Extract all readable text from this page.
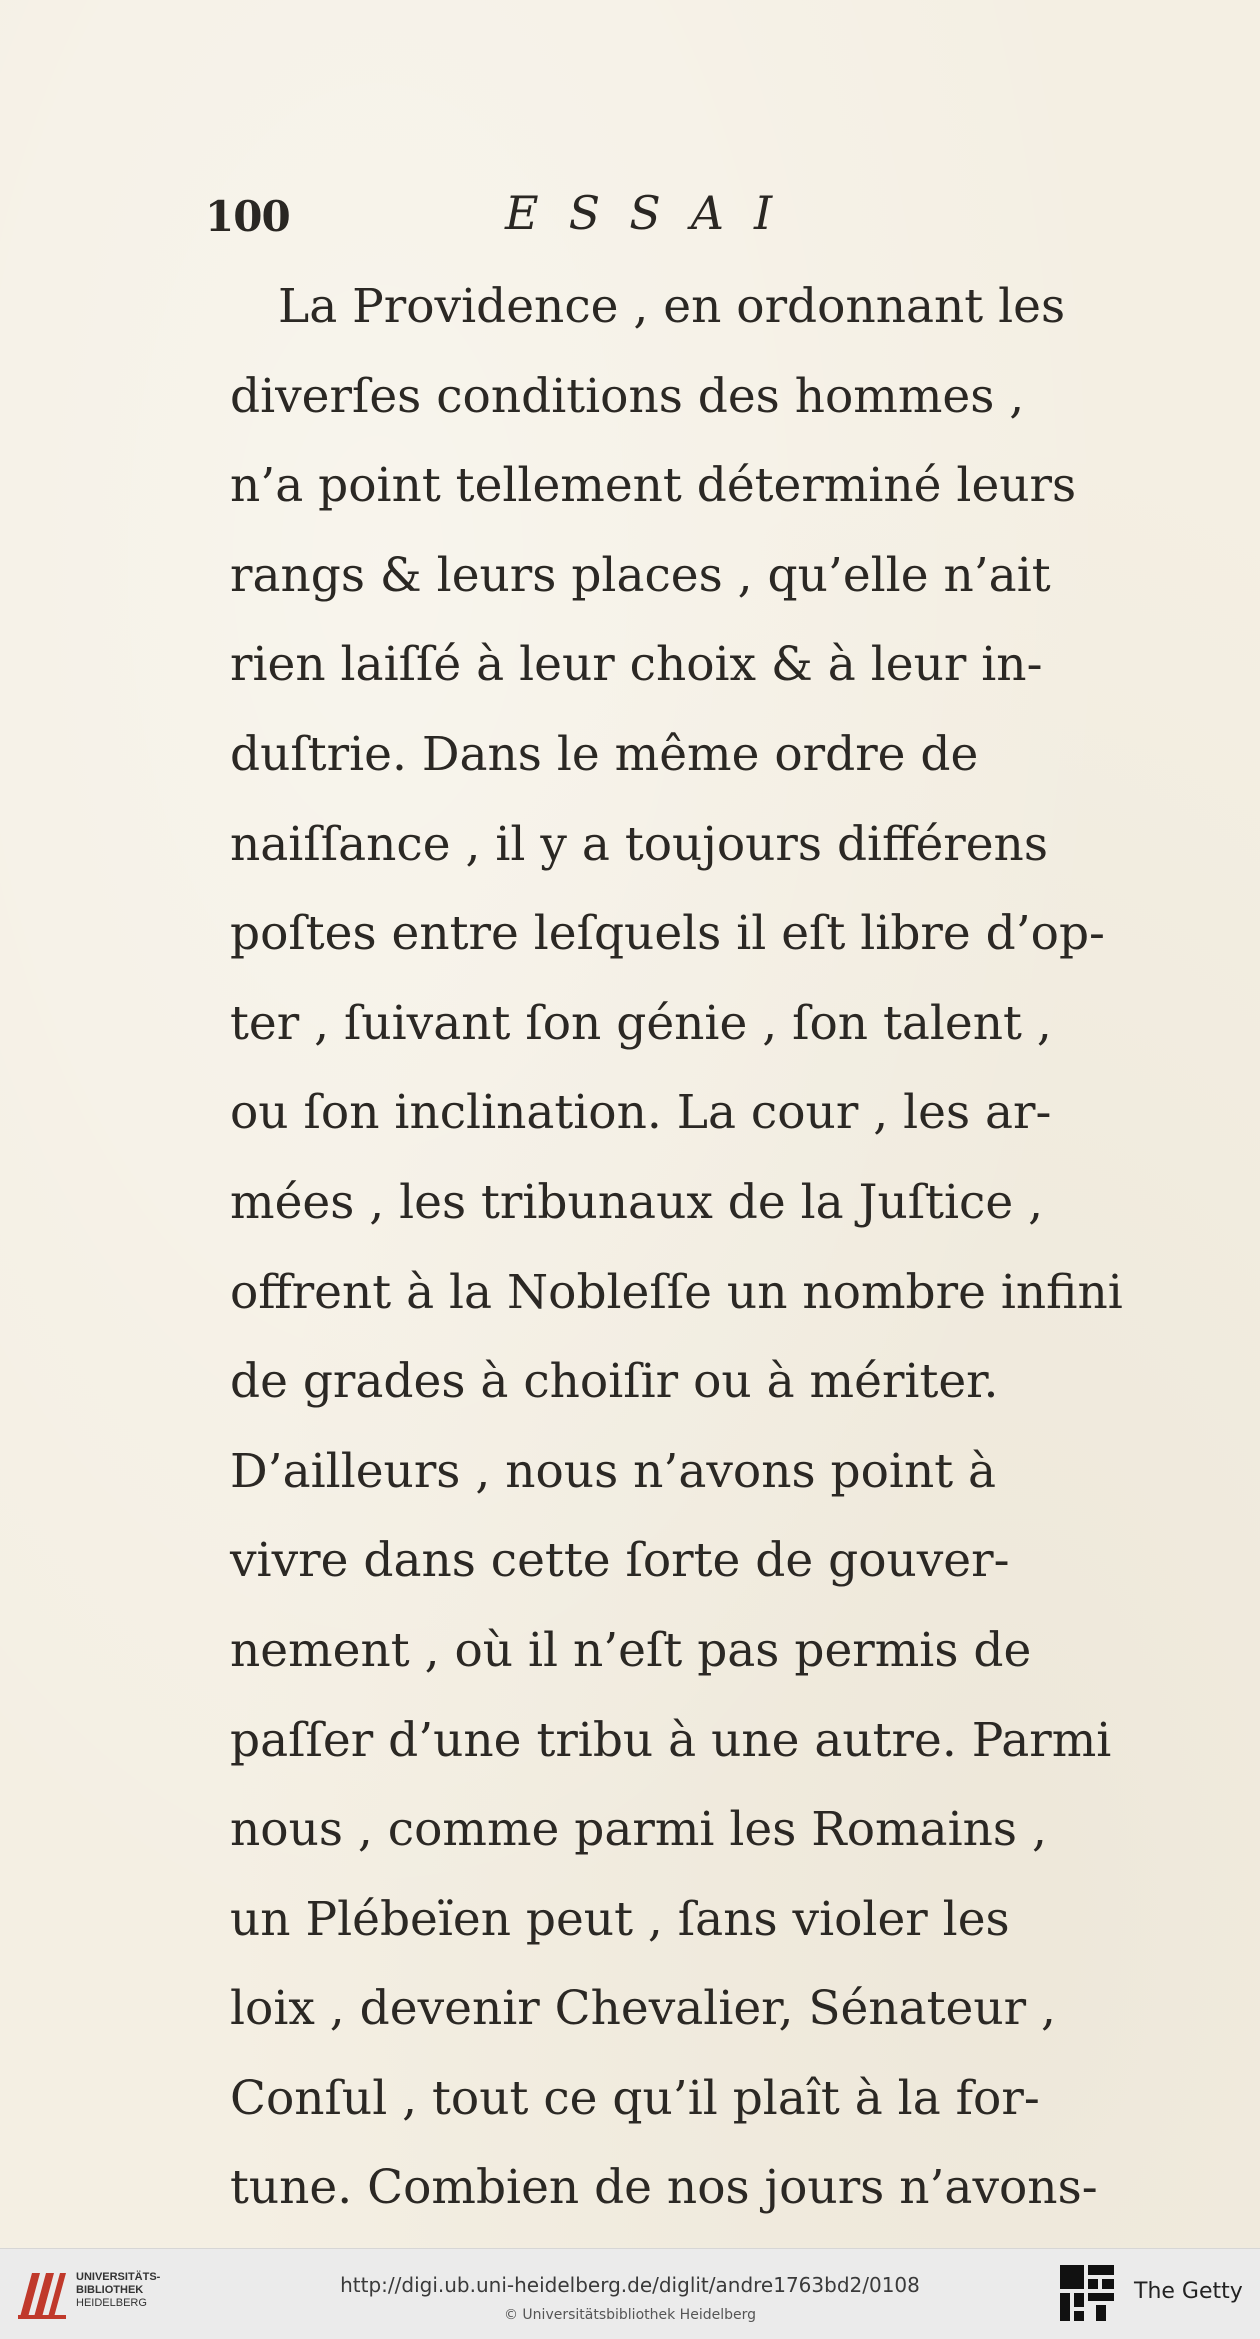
100	ESSAI
La Providence , en ordonnant les
diverſes conditions des hommes ,
n’a point tellement déterminé leurs
rangs & leurs places , qu’elle n’ait
rien laiſſé à leur choix & à leur in-
duſtrie. Dans le même ordre de
naiſſance , il y a toujours différens
poſtes entre leſquels il eſt libre d’op-
ter , ſuivant ſon génie , ſon talent ,
ou ſon inclination. La cour , les ar-
mées , les tribunaux de la Juſtice ,
offrent à la Nobleſſe un nombre infini
de grades à choiſir ou à mériter.
D’ailleurs , nous n’avons point à
vivre dans cette ſorte de gouver-
nement , où il n’eſt pas permis de
paſſer d’une tribu à une autre. Parmi
nous , comme parmi les Romains ,
un Plébeïen peut , ſans violer les
loix , devenir Chevalier, Sénateur ,
Conſul , tout ce qu’il plaît à la for-
tune. Combien de nos jours n’avons-
UNIVERSITÄTS-
BIBLIOTHEK
HEIDELBERG
http://digi.ub.uni-heidelberg.de/diglit/andre1763bd2/0108
© Universitätsbibliothek Heidelberg
The Getty
